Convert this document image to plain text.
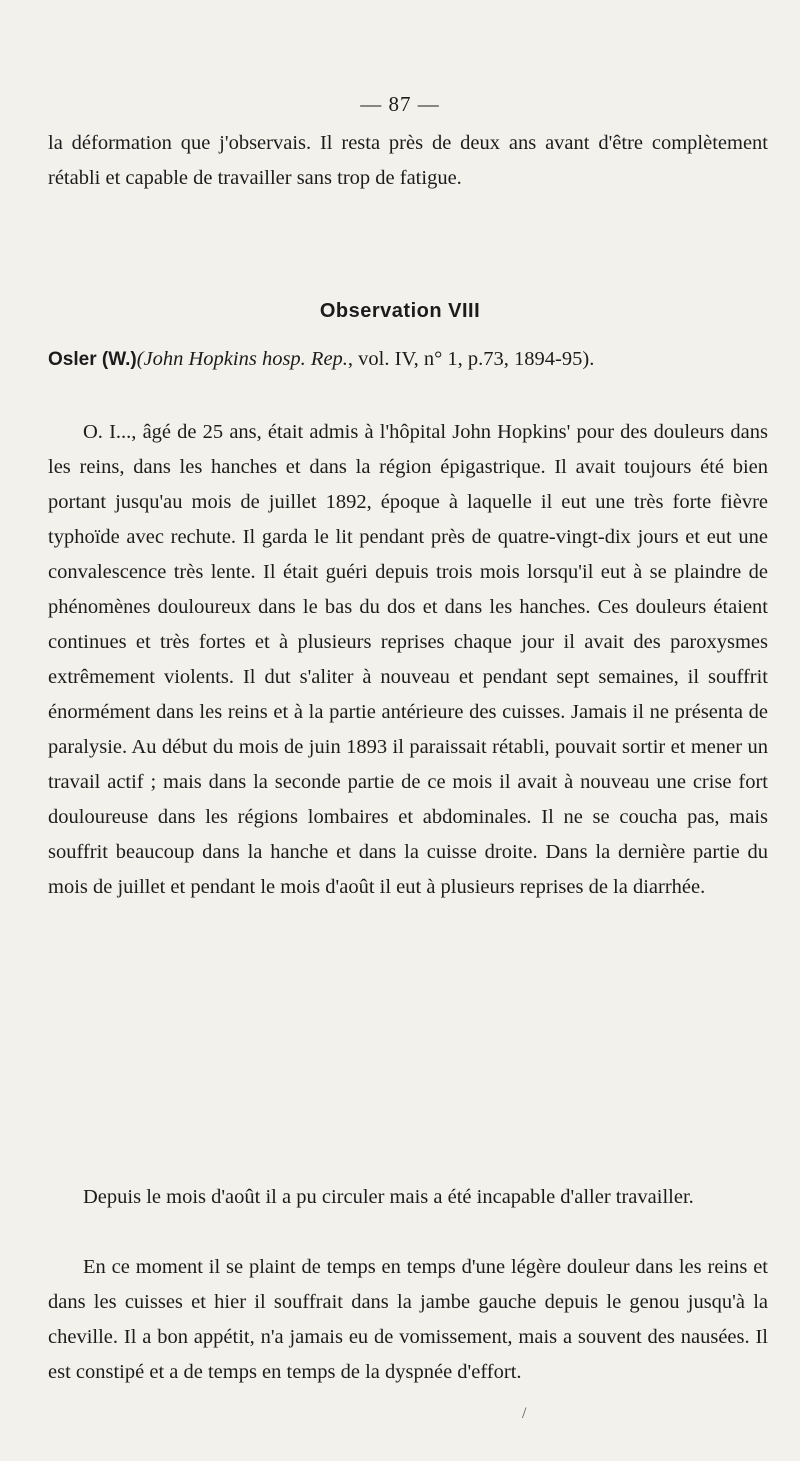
— 87 —
la déformation que j'observais. Il resta près de deux ans avant d'être complètement rétabli et capable de travailler sans trop de fatigue.
Observation VIII
Osler (W.)(John Hopkins hosp. Rep., vol. IV, n° 1, p.73, 1894-95).
O. I..., âgé de 25 ans, était admis à l'hôpital John Hopkins' pour des douleurs dans les reins, dans les hanches et dans la région épigastrique. Il avait toujours été bien portant jusqu'au mois de juillet 1892, époque à laquelle il eut une très forte fièvre typhoïde avec rechute. Il garda le lit pendant près de quatre-vingt-dix jours et eut une convalescence très lente. Il était guéri depuis trois mois lorsqu'il eut à se plaindre de phénomènes douloureux dans le bas du dos et dans les hanches. Ces douleurs étaient continues et très fortes et à plusieurs reprises chaque jour il avait des paroxysmes extrêmement violents. Il dut s'aliter à nouveau et pendant sept semaines, il souffrit énormément dans les reins et à la partie antérieure des cuisses. Jamais il ne présenta de paralysie. Au début du mois de juin 1893 il paraissait rétabli, pouvait sortir et mener un travail actif ; mais dans la seconde partie de ce mois il avait à nouveau une crise fort douloureuse dans les régions lombaires et abdominales. Il ne se coucha pas, mais souffrit beaucoup dans la hanche et dans la cuisse droite. Dans la dernière partie du mois de juillet et pendant le mois d'août il eut à plusieurs reprises de la diarrhée.
Depuis le mois d'août il a pu circuler mais a été incapable d'aller travailler.
En ce moment il se plaint de temps en temps d'une légère douleur dans les reins et dans les cuisses et hier il souffrait dans la jambe gauche depuis le genou jusqu'à la cheville. Il a bon appétit, n'a jamais eu de vomissement, mais a souvent des nausées. Il est constipé et a de temps en temps de la dyspnée d'effort.
/
